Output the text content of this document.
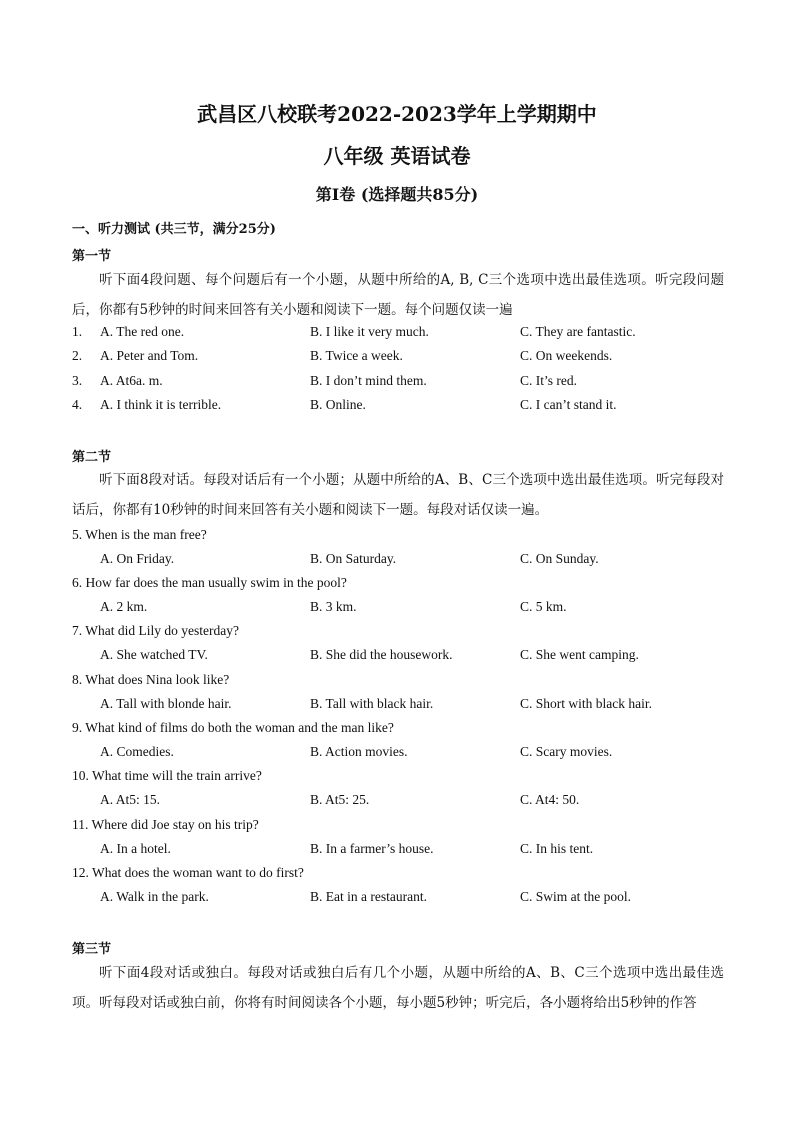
武昌区八校联考2022-2023学年上学期期中
八年级 英语试卷
第I卷 (选择题共85分)
一、听力测试 (共三节，满分25分)
第一节
听下面4段问题、每个问题后有一个小题，从题中所给的A, B, C三个选项中选出最佳选项。听完段问题后，你都有5秒钟的时间来回答有关小题和阅读下一题。每个问题仅读一遍
1. A. The red one.	B. I like it very much.	C. They are fantastic.
2. A. Peter and Tom.	B. Twice a week.	C. On weekends.
3. A. At6a. m.	B. I don’t mind them.	C. It’s red.
4. A. I think it is terrible.	B. Online.	C. I can’t stand it.
第二节
听下面8段对话。每段对话后有一个小题；从题中所给的A、B、C三个选项中选出最佳选项。听完每段对话后，你都有10秒钟的时间来回答有关小题和阅读下一题。每段对话仅读一遍。
5. When is the man free?
A. On Friday.	B. On Saturday.	C. On Sunday.
6. How far does the man usually swim in the pool?
A. 2 km.	B. 3 km.	C. 5 km.
7. What did Lily do yesterday?
A. She watched TV.	B. She did the housework.	C. She went camping.
8. What does Nina look like?
A. Tall with blonde hair.	B. Tall with black hair.	C. Short with black hair.
9. What kind of films do both the woman and the man like?
A. Comedies.	B. Action movies.	C. Scary movies.
10. What time will the train arrive?
A. At5: 15.	B. At5: 25.	C. At4: 50.
11. Where did Joe stay on his trip?
A. In a hotel.	B. In a farmer’s house.	C. In his tent.
12. What does the woman want to do first?
A. Walk in the park.	B. Eat in a restaurant.	C. Swim at the pool.
第三节
听下面4段对话或独白。每段对话或独白后有几个小题，从题中所给的A、B、C三个选项中选出最佳选项。听每段对话或独白前，你将有时间阅读各个小题，每小题5秒钟；听完后，各小题将给出5秒钟的作答
